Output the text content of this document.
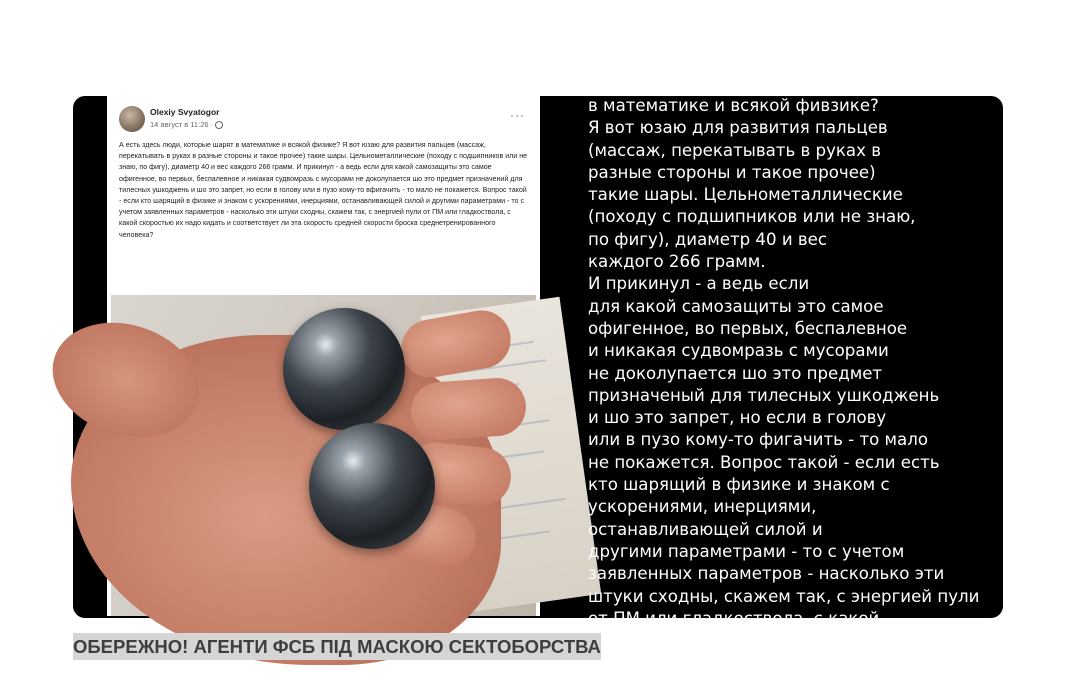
Olexiy Svyatogor
14 август в 11:26 ·
···
А есть здесь люди, которые шарят в математике и всякой физике? Я вот юзаю для развития пальцев (массаж, перекатывать в руках в разные стороны и такое прочее) такие шары. Цельнометаллические (походу с подшипников или не знаю, по фигу), диаметр 40 и вес каждого 266 грамм. И прикинул - а ведь если для какой самозащиты это самое офигенное, во первых, беспалевное и никакая судвомразь с мусорами не доколупается шо это предмет призначений для тилесных ушкоджень и шо это запрет, но если в голову или в пузо кому-то вфигачить - то мало не покажется. Вопрос такой - если кто шарящий в физике и знаком с ускорениями, инерциями, останавливающей силой и другими параметрами - то с учетом заявленных параметров - насколько эти штуки сходны, скажем так, с энергией пули от ПМ или гладкоствола, с какой скоростью их надо кидать и соответствует ли эта скорость средней скорости броска среднетренированного человека?
в математике и всякой фивзике?
Я вот юзаю для развития пальцев
(массаж, перекатывать в руках в
разные стороны и такое прочее)
такие шары. Цельнометаллические
(походу с подшипников или не знаю,
по фигу), диаметр 40 и вес
каждого 266 грамм.
И прикинул - а ведь если
для какой самозащиты это самое
офигенное, во первых, беспалевное
и никакая судвомразь с мусорами
не доколупается шо это предмет
призначеный для тилесных ушкоджень
и шо это запрет, но если в голову
или в пузо кому-то фигачить - то мало
не покажется. Вопрос такой - если есть
кто шарящий в физике и знаком с
ускорениями, инерциями,
останавливающей силой и
другими параметрами - то с учетом
заявленных параметров - насколько эти
штуки сходны, скажем так, с энергией пули
от ПМ или гладкоствола, с какой
ОБЕРЕЖНО! АГЕНТИ ФСБ ПІД МАСКОЮ СЕКТОБОРСТВА
